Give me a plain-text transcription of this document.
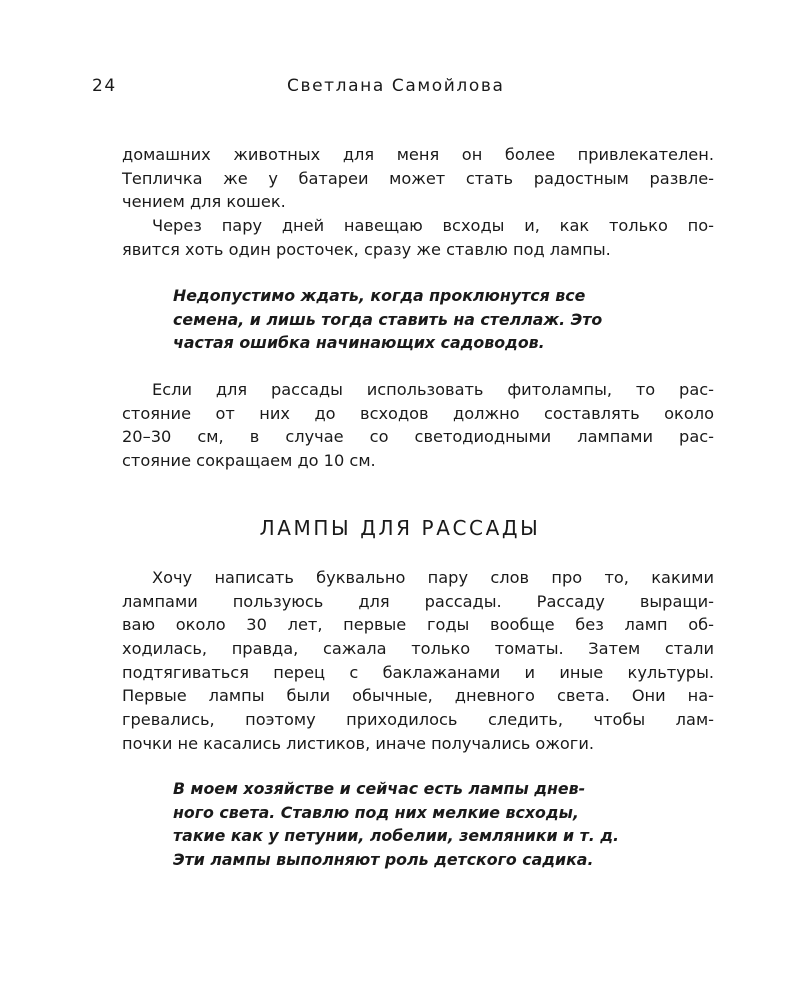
24	Светлана Самойлова
домашних животных для меня он более привлекателен.
Тепличка же у батареи может стать радостным развле-
чением для кошек.
Через пару дней навещаю всходы и, как только по-
явится хоть один росточек, сразу же ставлю под лампы.
Недопустимо ждать, когда проклюнутся все
семена, и лишь тогда ставить на стеллаж. Это
частая ошибка начинающих садоводов.
Если для рассады использовать фитолампы, то рас-
стояние от них до всходов должно составлять около
20–30 см, в случае со светодиодными лампами рас-
стояние сокращаем до 10 см.
ЛАМПЫ ДЛЯ РАССАДЫ
Хочу написать буквально пару слов про то, какими
лампами пользуюсь для рассады. Рассаду выращи-
ваю около 30 лет, первые годы вообще без ламп об-
ходилась, правда, сажала только томаты. Затем стали
подтягиваться перец с баклажанами и иные культуры.
Первые лампы были обычные, дневного света. Они на-
гревались, поэтому приходилось следить, чтобы лам-
почки не касались листиков, иначе получались ожоги.
В моем хозяйстве и сейчас есть лампы днев-
ного света. Ставлю под них мелкие всходы,
такие как у петунии, лобелии, земляники и т. д.
Эти лампы выполняют роль детского садика.
